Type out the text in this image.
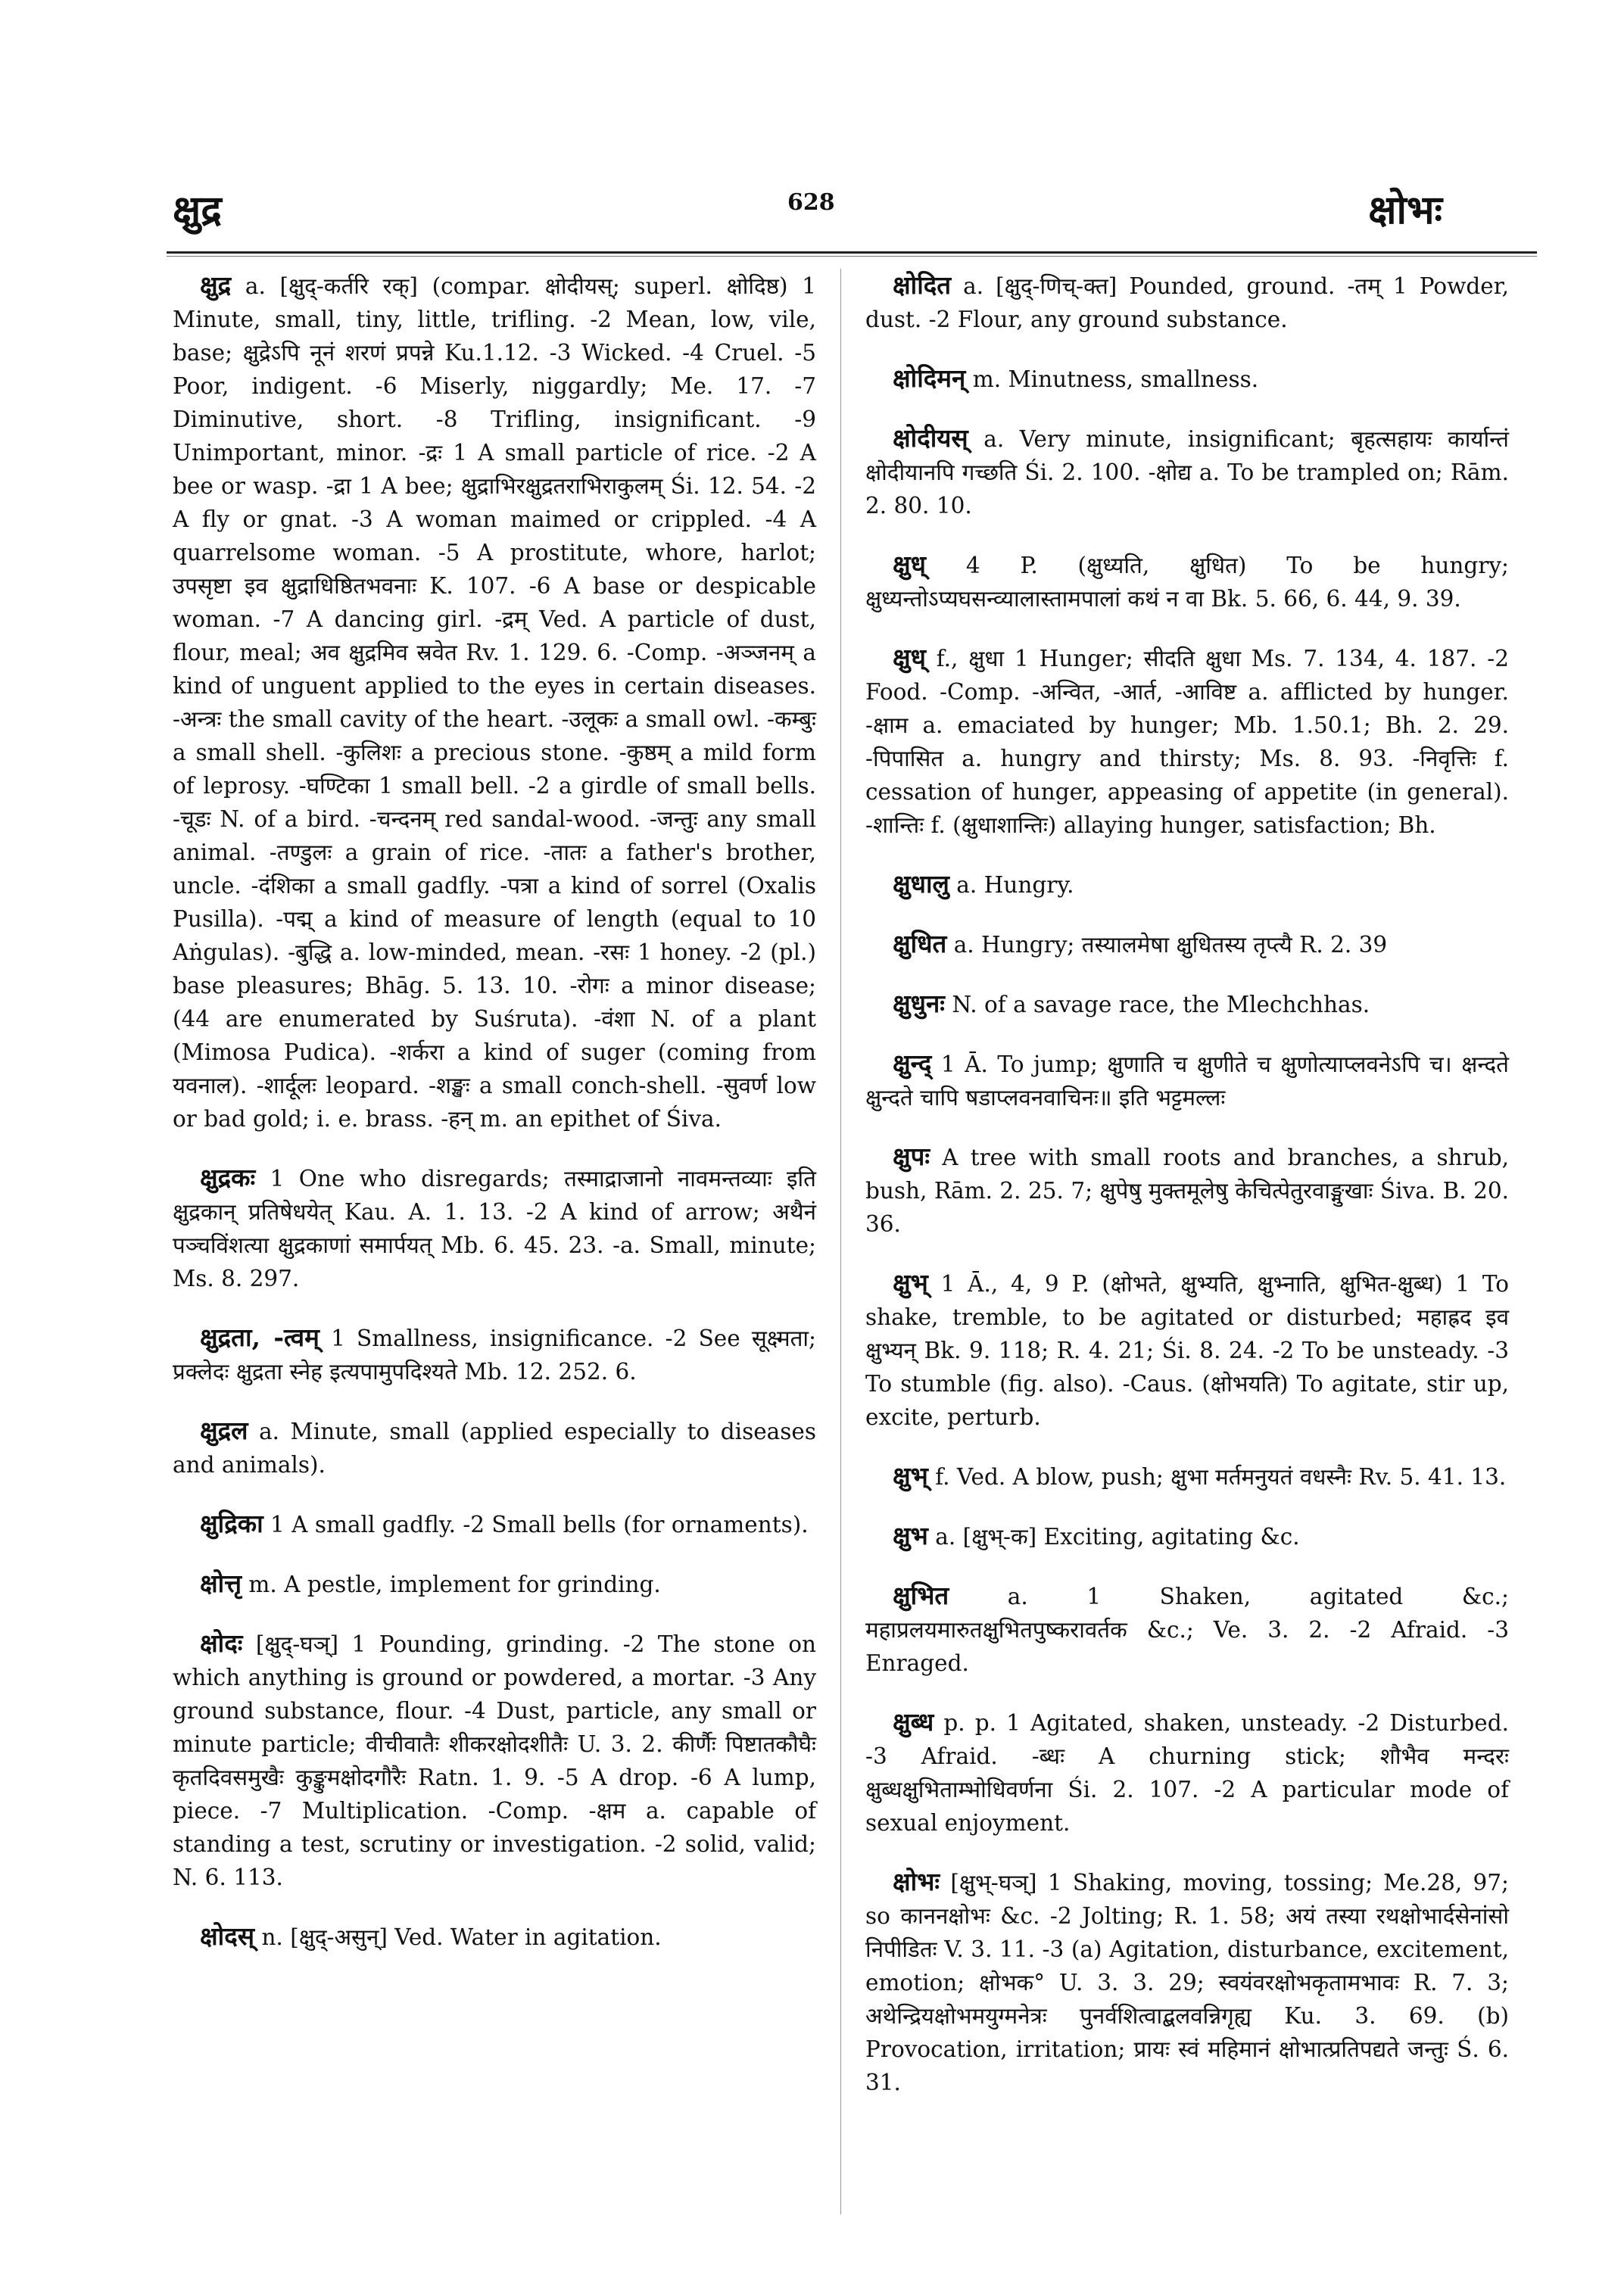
क्षुद्र	628	क्षोभः

क्षुद्र a. [क्षुद्-कर्तरि रक्] (compar. क्षोदीयस्; superl. क्षोदिष्ठ) 1 Minute, small, tiny, little, trifling. -2 Mean, low, vile, base; क्षुद्रेऽपि नूनं शरणं प्रपन्ने Ku.1.12. -3 Wicked. -4 Cruel. -5 Poor, indigent. -6 Miserly, niggardly; Me. 17. -7 Diminutive, short. -8 Trifling, insignificant. -9 Unimportant, minor. -द्रः 1 A small particle of rice. -2 A bee or wasp. -द्रा 1 A bee; क्षुद्राभिरक्षुद्रतराभिराकुलम् Śi. 12. 54. -2 A fly or gnat. -3 A woman maimed or crippled. -4 A quarrelsome woman. -5 A prostitute, whore, harlot; उपसृष्टा इव क्षुद्राधिष्ठितभवनाः K. 107. -6 A base or despicable woman. -7 A dancing girl. -द्रम् Ved. A particle of dust, flour, meal; अव क्षुद्रमिव स्रवेत Rv. 1. 129. 6. -Comp. -अञ्जनम् a kind of unguent applied to the eyes in certain diseases. -अन्त्रः the small cavity of the heart. -उलूकः a small owl. -कम्बुः a small shell. -कुलिशः a precious stone. -कुष्ठम् a mild form of leprosy. -घण्टिका 1 small bell. -2 a girdle of small bells. -चूडः N. of a bird. -चन्दनम् red sandal-wood. -जन्तुः any small animal. -तण्डुलः a grain of rice. -तातः a father's brother, uncle. -दंशिका a small gadfly. -पत्रा a kind of sorrel (Oxalis Pusilla). -पद्म् a kind of measure of length (equal to 10 Aṅgulas). -बुद्धि a. low-minded, mean. -रसः 1 honey. -2 (pl.) base pleasures; Bhāg. 5. 13. 10. -रोगः a minor disease; (44 are enumerated by Suśruta). -वंशा N. of a plant (Mimosa Pudica). -शर्करा a kind of suger (coming from यवनाल). -शार्दूलः leopard. -शङ्खः a small conch-shell. -सुवर्ण low or bad gold; i. e. brass. -हन् m. an epithet of Śiva.

क्षुद्रकः 1 One who disregards; तस्माद्राजानो नावमन्तव्याः इति क्षुद्रकान् प्रतिषेधयेत् Kau. A. 1. 13. -2 A kind of arrow; अथैनं पञ्चविंशत्या क्षुद्रकाणां समार्पयत् Mb. 6. 45. 23. -a. Small, minute; Ms. 8. 297.

क्षुद्रता, -त्वम् 1 Smallness, insignificance. -2 See सूक्ष्मता; प्रक्लेदः क्षुद्रता स्नेह इत्यपामुपदिश्यते Mb. 12. 252. 6.

क्षुद्रल a. Minute, small (applied especially to diseases and animals).

क्षुद्रिका 1 A small gadfly. -2 Small bells (for ornaments).

क्षोत्तृ m. A pestle, implement for grinding.

क्षोदः [क्षुद्-घञ्] 1 Pounding, grinding. -2 The stone on which anything is ground or powdered, a mortar. -3 Any ground substance, flour. -4 Dust, particle, any small or minute particle; वीचीवातैः शीकरक्षोदशीतैः U. 3. 2. कीर्णैः पिष्टातकौघैः कृतदिवसमुखैः कुङ्कुमक्षोदगौरैः Ratn. 1. 9. -5 A drop. -6 A lump, piece. -7 Multiplication. -Comp. -क्षम a. capable of standing a test, scrutiny or investigation. -2 solid, valid; N. 6. 113.

क्षोदस् n. [क्षुद्-असुन्] Ved. Water in agitation.

क्षोदित a. [क्षुद्-णिच्-क्त] Pounded, ground. -तम् 1 Powder, dust. -2 Flour, any ground substance.

क्षोदिमन् m. Minutness, smallness.

क्षोदीयस् a. Very minute, insignificant; बृहत्सहायः कार्यान्तं क्षोदीयानपि गच्छति Śi. 2. 100. -क्षोद्य a. To be trampled on; Rām. 2. 80. 10.

क्षुध् 4 P. (क्षुध्यति, क्षुधित) To be hungry; क्षुध्यन्तोऽप्यघसन्व्यालास्तामपालां कथं न वा Bk. 5. 66, 6. 44, 9. 39.

क्षुध् f., क्षुधा 1 Hunger; सीदति क्षुधा Ms. 7. 134, 4. 187. -2 Food. -Comp. -अन्वित, -आर्त, -आविष्ट a. afflicted by hunger. -क्षाम a. emaciated by hunger; Mb. 1.50.1; Bh. 2. 29. -पिपासित a. hungry and thirsty; Ms. 8. 93. -निवृत्तिः f. cessation of hunger, appeasing of appetite (in general). -शान्तिः f. (क्षुधाशान्तिः) allaying hunger, satisfaction; Bh.

क्षुधालु a. Hungry.

क्षुधित a. Hungry; तस्यालमेषा क्षुधितस्य तृप्त्यै R. 2. 39

क्षुधुनः N. of a savage race, the Mlechchhas.

क्षुन्द् 1 Ā. To jump; क्षुणाति च क्षुणीते च क्षुणोत्याप्लवनेऽपि च। क्षन्दते क्षुन्दते चापि षडाप्लवनवाचिनः॥ इति भट्टमल्लः

क्षुपः A tree with small roots and branches, a shrub, bush, Rām. 2. 25. 7; क्षुपेषु मुक्तमूलेषु केचित्पेतुरवाङ्मुखाः Śiva. B. 20. 36.

क्षुभ् 1 Ā., 4, 9 P. (क्षोभते, क्षुभ्यति, क्षुभ्नाति, क्षुभित-क्षुब्ध) 1 To shake, tremble, to be agitated or disturbed; महाह्रद इव क्षुभ्यन् Bk. 9. 118; R. 4. 21; Śi. 8. 24. -2 To be unsteady. -3 To stumble (fig. also). -Caus. (क्षोभयति) To agitate, stir up, excite, perturb.

क्षुभ् f. Ved. A blow, push; क्षुभा मर्तमनुयतं वधस्नैः Rv. 5. 41. 13.

क्षुभ a. [क्षुभ्-क] Exciting, agitating &c.

क्षुभित	a. 1 Shaken, agitated &c.; महाप्रलयमारुतक्षुभितपुष्करावर्तक &c.; Ve. 3. 2. -2 Afraid. -3 Enraged.

क्षुब्ध p. p. 1 Agitated, shaken, unsteady. -2 Disturbed. -3 Afraid. -ब्धः A churning stick; शौभैव मन्दरः क्षुब्धक्षुभिताम्भोधिवर्णना Śi. 2. 107. -2 A particular mode of sexual enjoyment.

क्षोभः [क्षुभ्-घञ्] 1 Shaking, moving, tossing; Me.28, 97; so काननक्षोभः &c. -2 Jolting; R. 1. 58; अयं तस्या रथक्षोभार्दसेनांसो निपीडितः V. 3. 11. -3 (a) Agitation, disturbance, excitement, emotion; क्षोभक° U. 3. 3. 29; स्वयंवरक्षोभकृतामभावः R. 7. 3; अथेन्द्रियक्षोभमयुग्मनेत्रः पुनर्वशित्वाद्बलवन्निगृह्य Ku. 3. 69. (b) Provocation, irritation; प्रायः स्वं महिमानं क्षोभात्प्रतिपद्यते जन्तुः Ś. 6. 31.
